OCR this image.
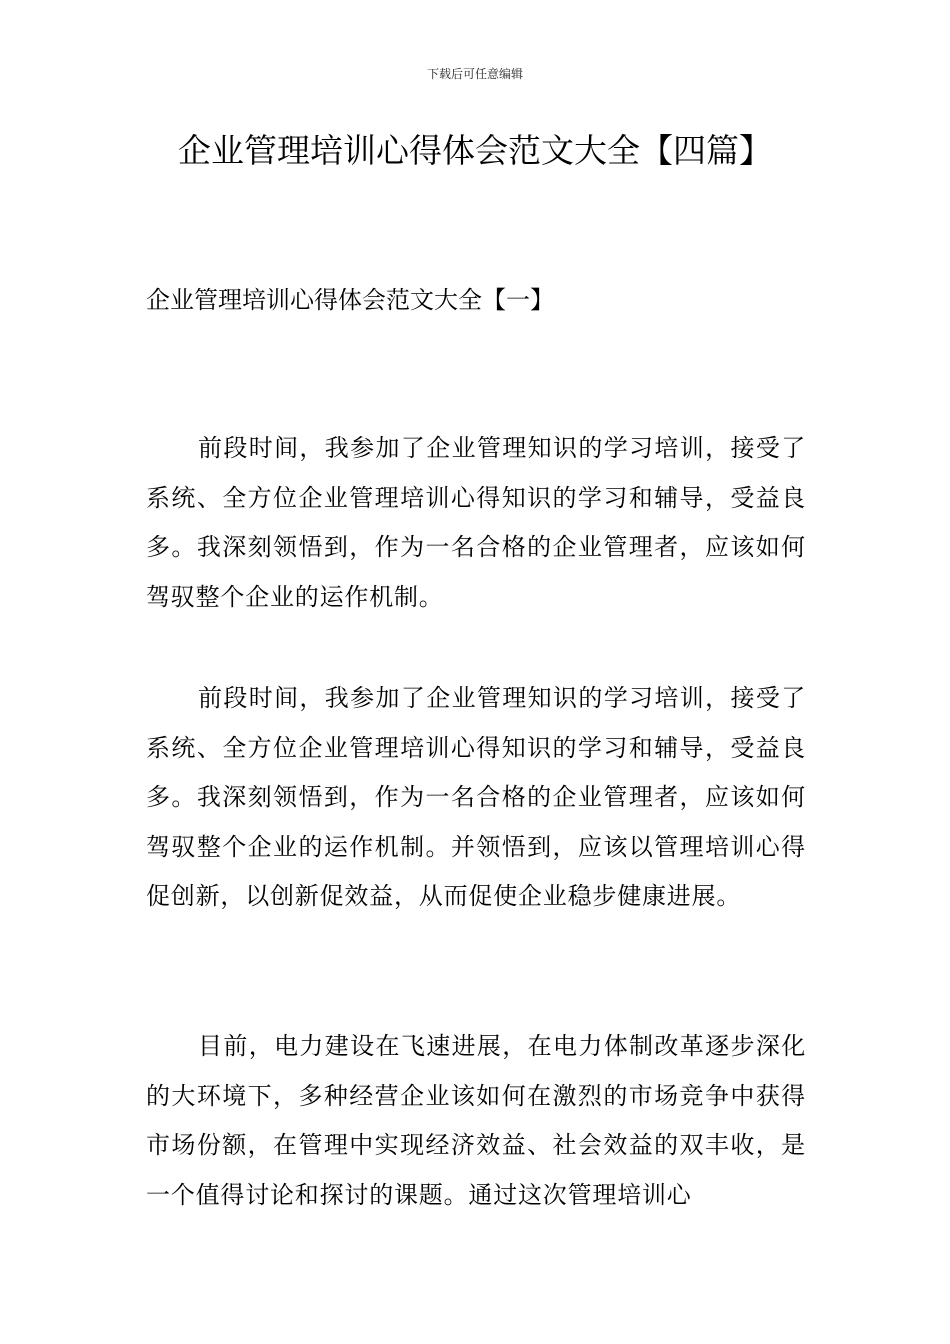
下载后可任意编辑
企业管理培训心得体会范文大全【四篇】
企业管理培训心得体会范文大全【一】

前段时间，我参加了企业管理知识的学习培训，接受了系统、全方位企业管理培训心得知识的学习和辅导，受益良多。我深刻领悟到，作为一名合格的企业管理者，应该如何驾驭整个企业的运作机制。

前段时间，我参加了企业管理知识的学习培训，接受了系统、全方位企业管理培训心得知识的学习和辅导，受益良多。我深刻领悟到，作为一名合格的企业管理者，应该如何驾驭整个企业的运作机制。并领悟到，应该以管理培训心得促创新，以创新促效益，从而促使企业稳步健康进展。

目前，电力建设在飞速进展，在电力体制改革逐步深化的大环境下，多种经营企业该如何在激烈的市场竞争中获得市场份额，在管理中实现经济效益、社会效益的双丰收，是一个值得讨论和探讨的课题。通过这次管理培训心
